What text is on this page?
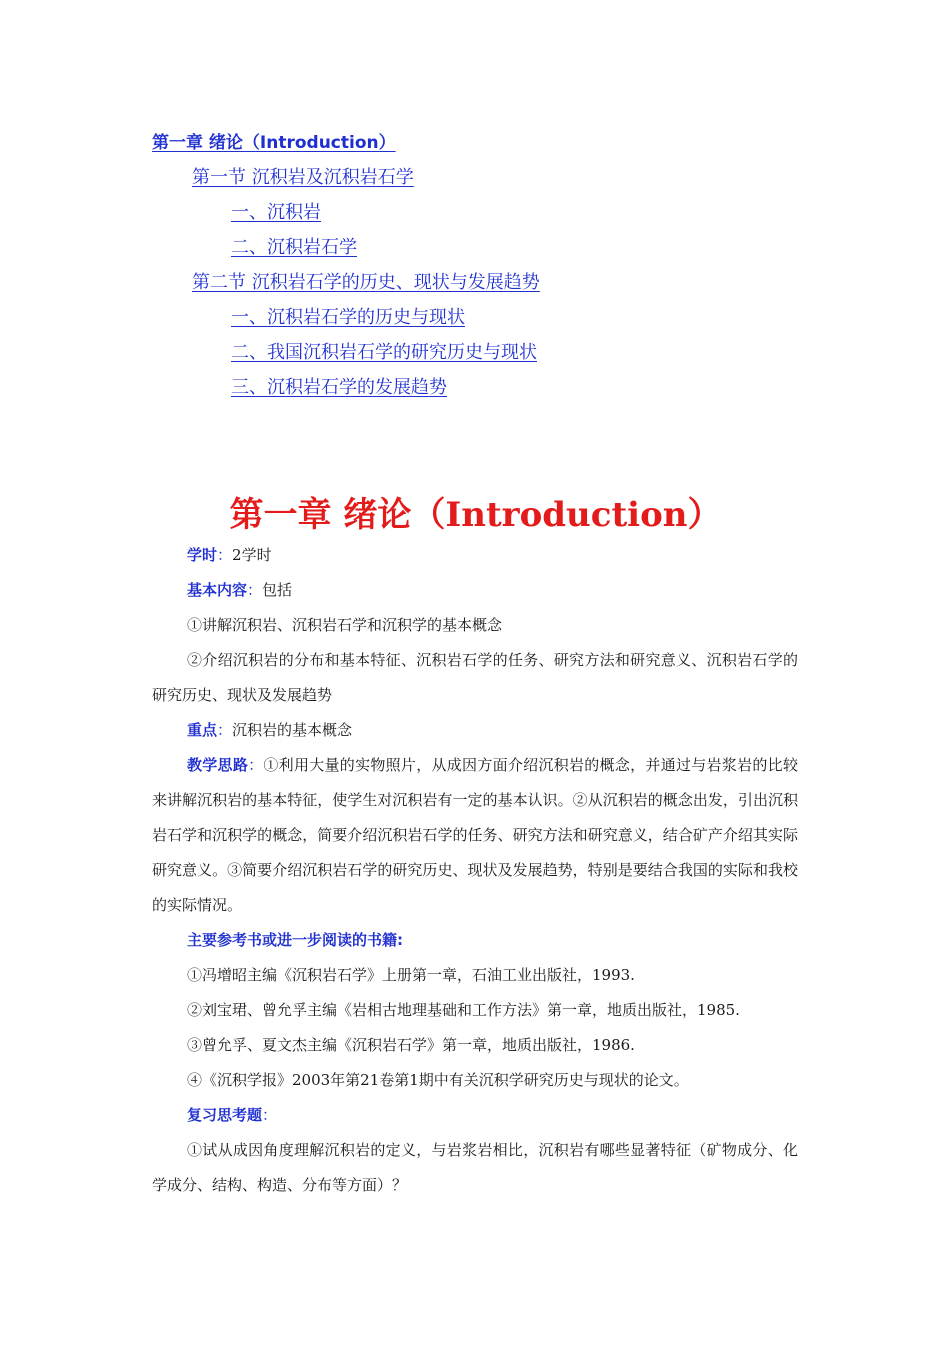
第一章 绪论（Introduction）
第一节 沉积岩及沉积岩石学
一、沉积岩
二、沉积岩石学
第二节 沉积岩石学的历史、现状与发展趋势
一、沉积岩石学的历史与现状
二、我国沉积岩石学的研究历史与现状
三、沉积岩石学的发展趋势
第一章 绪论（Introduction）

学时：2学时

基本内容：包括

①讲解沉积岩、沉积岩石学和沉积学的基本概念

②介绍沉积岩的分布和基本特征、沉积岩石学的任务、研究方法和研究意义、沉积岩石学的研究历史、现状及发展趋势

重点：沉积岩的基本概念

教学思路：①利用大量的实物照片，从成因方面介绍沉积岩的概念，并通过与岩浆岩的比较来讲解沉积岩的基本特征，使学生对沉积岩有一定的基本认识。②从沉积岩的概念出发，引出沉积岩石学和沉积学的概念，简要介绍沉积岩石学的任务、研究方法和研究意义，结合矿产介绍其实际研究意义。③简要介绍沉积岩石学的研究历史、现状及发展趋势，特别是要结合我国的实际和我校的实际情况。

主要参考书或进一步阅读的书籍:

①冯增昭主编《沉积岩石学》上册第一章，石油工业出版社，1993.

②刘宝珺、曾允孚主编《岩相古地理基础和工作方法》第一章，地质出版社，1985.

③曾允孚、夏文杰主编《沉积岩石学》第一章，地质出版社，1986.

④《沉积学报》2003年第21卷第1期中有关沉积学研究历史与现状的论文。

复习思考题：

①试从成因角度理解沉积岩的定义，与岩浆岩相比，沉积岩有哪些显著特征（矿物成分、化学成分、结构、构造、分布等方面）？
